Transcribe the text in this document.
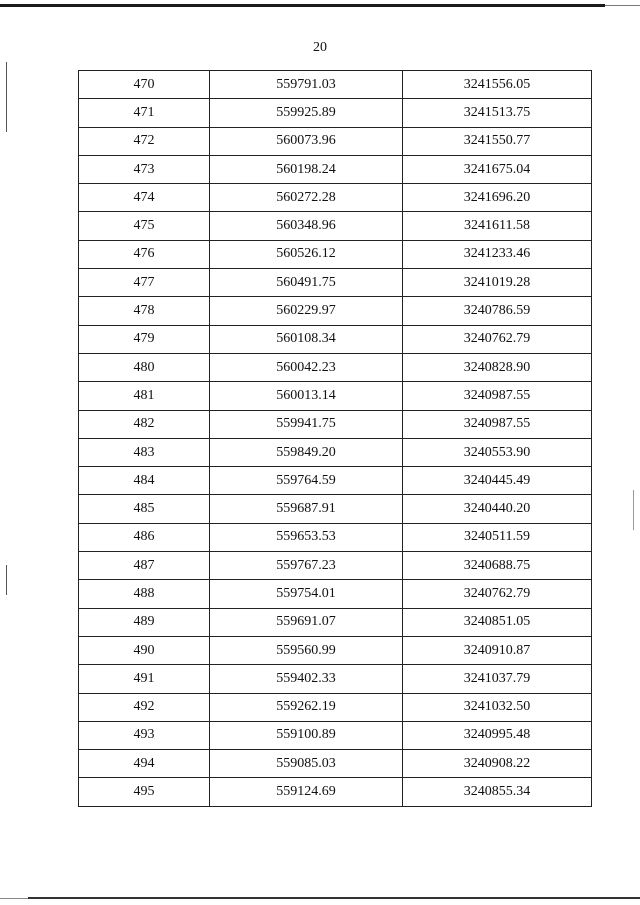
20
470	559791.03	3241556.05
471	559925.89	3241513.75
472	560073.96	3241550.77
473	560198.24	3241675.04
474	560272.28	3241696.20
475	560348.96	3241611.58
476	560526.12	3241233.46
477	560491.75	3241019.28
478	560229.97	3240786.59
479	560108.34	3240762.79
480	560042.23	3240828.90
481	560013.14	3240987.55
482	559941.75	3240987.55
483	559849.20	3240553.90
484	559764.59	3240445.49
485	559687.91	3240440.20
486	559653.53	3240511.59
487	559767.23	3240688.75
488	559754.01	3240762.79
489	559691.07	3240851.05
490	559560.99	3240910.87
491	559402.33	3241037.79
492	559262.19	3241032.50
493	559100.89	3240995.48
494	559085.03	3240908.22
495	559124.69	3240855.34
